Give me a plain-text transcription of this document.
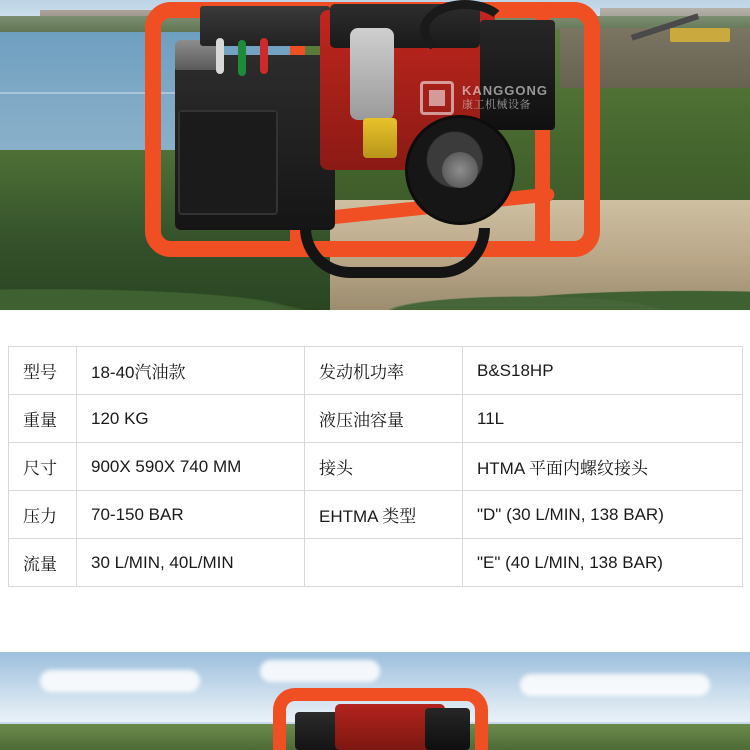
KANGGONG
康工机械设备
型号	18-40汽油款	发动机功率	B&S18HP
重量	120 KG	液压油容量	11L
尺寸	900X 590X 740 MM	接头	HTMA 平面内螺纹接头
压力	70-150 BAR	EHTMA 类型	"D" (30 L/MIN, 138 BAR)
流量	30 L/MIN, 40L/MIN		"E" (40 L/MIN, 138 BAR)
